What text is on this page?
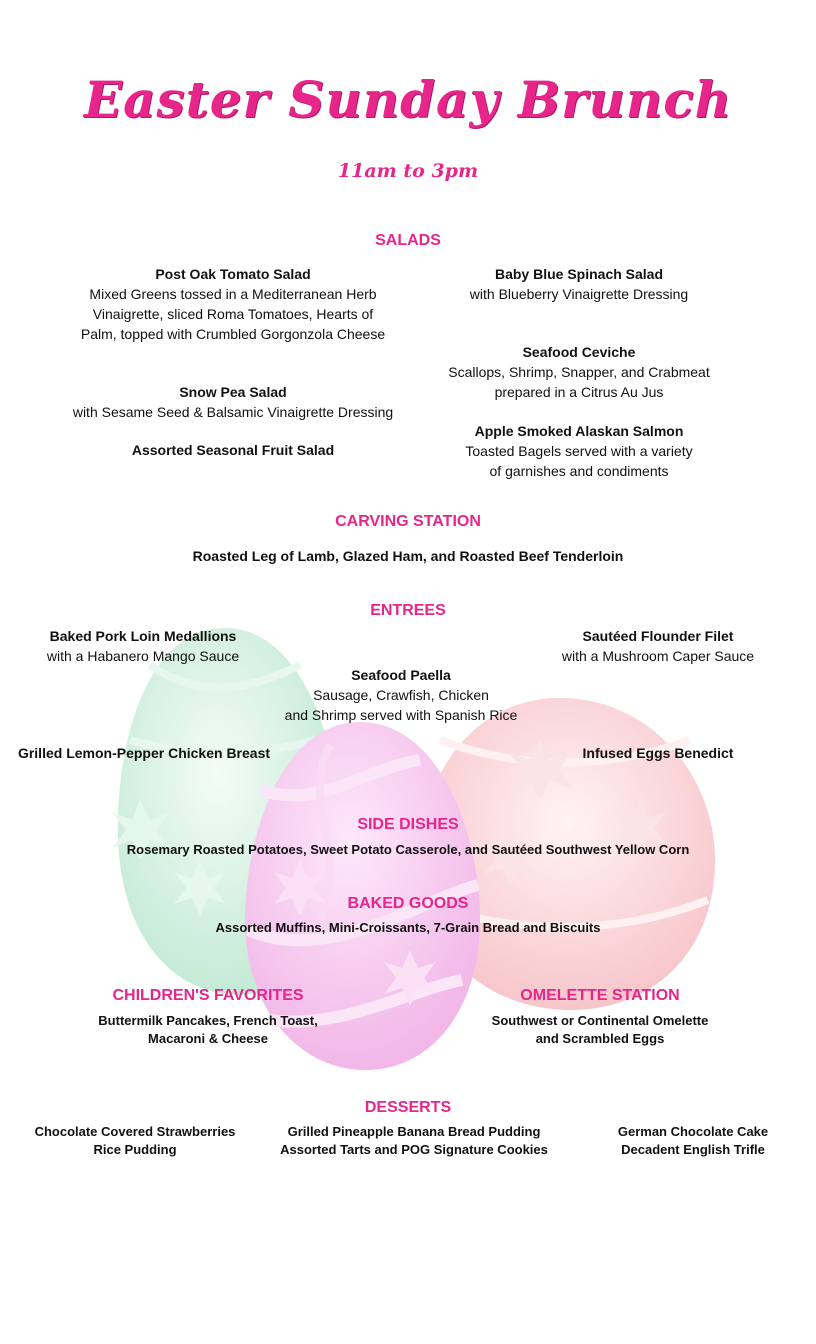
Easter Sunday Brunch
11am to 3pm
SALADS
Post Oak Tomato Salad
Mixed Greens tossed in a Mediterranean Herb
Vinaigrette, sliced Roma Tomatoes, Hearts of
Palm, topped with Crumbled Gorgonzola Cheese
Snow Pea Salad
with Sesame Seed & Balsamic Vinaigrette Dressing
Assorted Seasonal Fruit Salad
Baby Blue Spinach Salad
with Blueberry Vinaigrette Dressing
Seafood Ceviche
Scallops, Shrimp, Snapper, and Crabmeat
prepared in a Citrus Au Jus
Apple Smoked Alaskan Salmon
Toasted Bagels served with a variety
of garnishes and condiments
CARVING STATION
Roasted Leg of Lamb, Glazed Ham, and Roasted Beef Tenderloin
ENTREES
Baked Pork Loin Medallions
with a Habanero Mango Sauce
Sautéed Flounder Filet
with a Mushroom Caper Sauce
Seafood Paella
Sausage, Crawfish, Chicken
and Shrimp served with Spanish Rice
Grilled Lemon-Pepper Chicken Breast	Infused Eggs Benedict
SIDE DISHES
Rosemary Roasted Potatoes, Sweet Potato Casserole, and Sautéed Southwest Yellow Corn
BAKED GOODS
Assorted Muffins, Mini-Croissants, 7-Grain Bread and Biscuits
CHILDREN'S FAVORITES
Buttermilk Pancakes, French Toast,
Macaroni & Cheese
OMELETTE STATION
Southwest or Continental Omelette
and Scrambled Eggs
DESSERTS
Chocolate Covered Strawberries
Rice Pudding
Grilled Pineapple Banana Bread Pudding
Assorted Tarts and POG Signature Cookies
German Chocolate Cake
Decadent English Trifle
